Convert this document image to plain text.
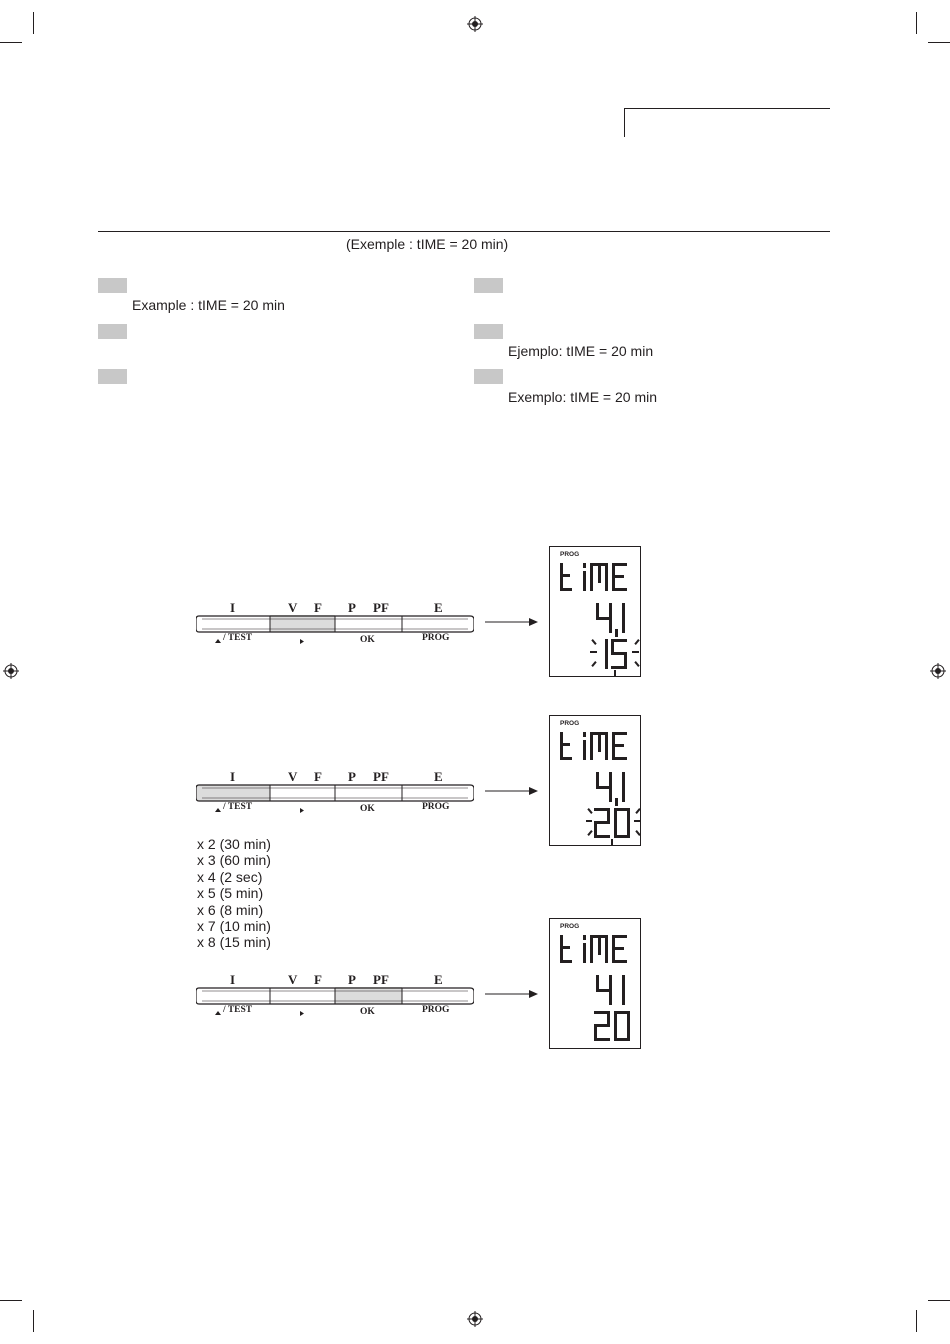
(Exemple : tIME = 20 min)
Example : tIME = 20 min
Ejemplo: tIME = 20 min
Exemplo: tIME = 20 min
I	V F P PF	E
/ TEST	OK	PROG
PROG
I	V F P PF	E
/ TEST	OK	PROG
PROG
x 2 (30 min)
x 3 (60 min)
x 4 (2 sec)
x 5 (5 min)
x 6 (8 min)
x 7 (10 min)
x 8 (15 min)
I	V F P PF	E
/ TEST	OK	PROG
PROG
